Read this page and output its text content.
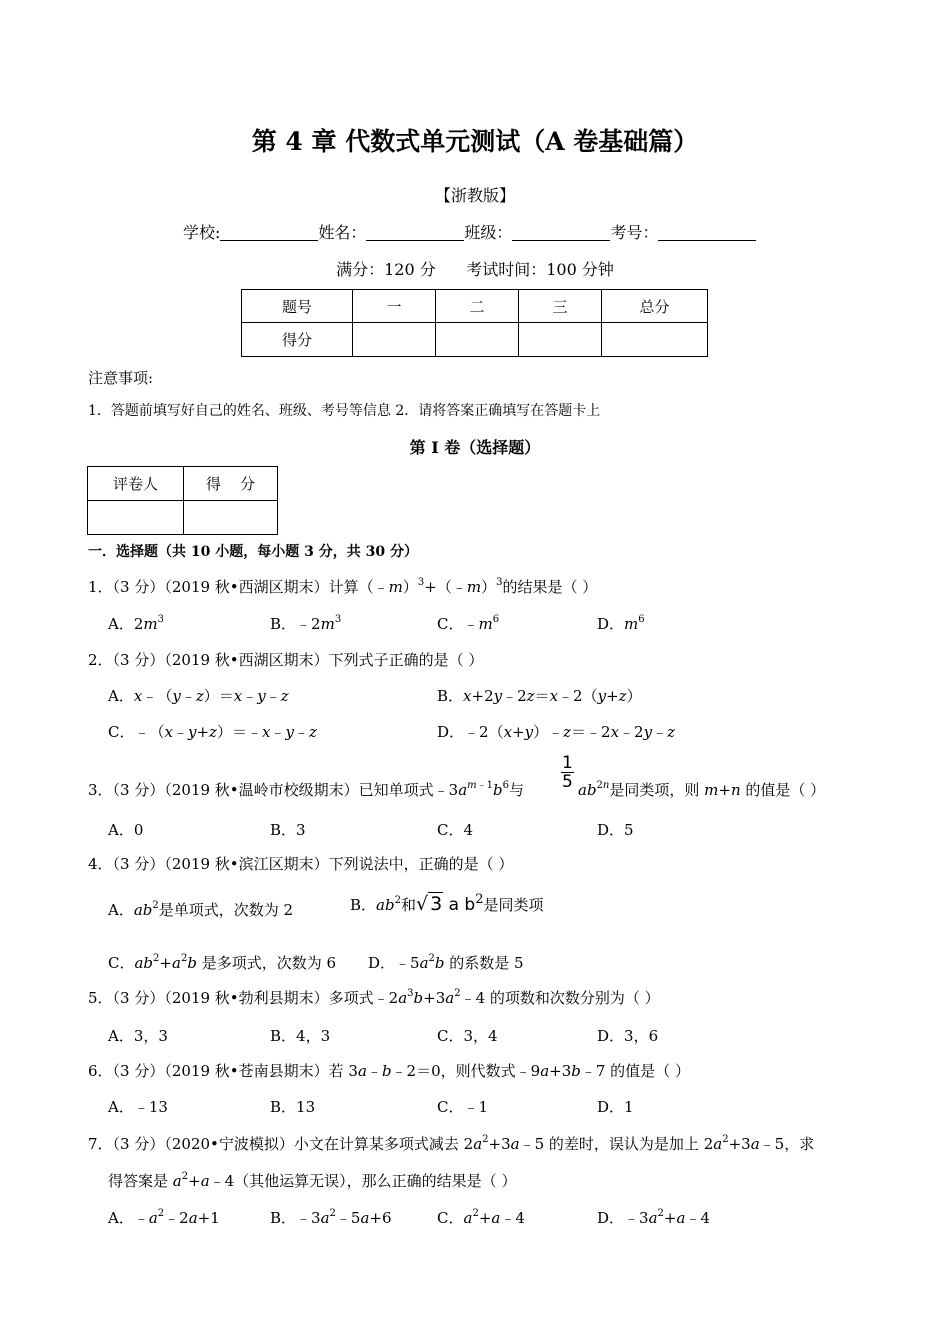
第 4 章 代数式单元测试（A 卷基础篇）
【浙教版】
学校:	姓名：	班级：	考号：
满分：120 分      考试时间：100 分钟
题号	一	二	三	总分
得分				
注意事项:
1．答题前填写好自己的姓名、班级、考号等信息 2．请将答案正确填写在答题卡上
第 I 卷（选择题）
评卷人	得    分

一．选择题（共 10 小题，每小题 3 分，共 30 分）
1．（3 分）（2019 秋•西湖区期末）计算（﹣m）$^3$+（﹣m）$^3$的结果是（ ）
A．$2m^3$	B．$﹣2m^3$	C．$﹣m^6$	D．$m^6$
2．（3 分）（2019 秋•西湖区期末）下列式子正确的是（ ）
A．x﹣（y﹣z）＝x﹣y﹣z	B．x+2y﹣2z＝x﹣2（y+z）
C．﹣（x﹣y+z）＝﹣x﹣y﹣z	D．﹣2（x+y）﹣z＝﹣2x﹣2y﹣z
3．（3 分）（2019 秋•温岭市校级期末）已知单项式$﹣3a^{m﹣1}b^6$与 $\frac{1}{5} ab^{2n}$是同类项，则 m+n 的值是（ ）
A．0	B．3	C．4	D．5
4．（3 分）（2019 秋•滨江区期末）下列说法中，正确的是（ ）
A．$ab^2$是单项式，次数为 2	B．$ab^2$和√ 3 a $b^2$是同类项
C．$ab^2+a^2b$ 是多项式，次数为 6 D．$﹣5a^2b$ 的系数是 5
5．（3 分）（2019 秋•勃利县期末）多项式$﹣2a^3b+3a^2﹣4$ 的项数和次数分别为（ ）
A．3，3	B．4，3	C．3，4	D．3，6
6．（3 分）（2019 秋•苍南县期末）若 3a﹣b﹣2＝0，则代数式﹣9a+3b﹣7 的值是（ ）
A．﹣13	B．13	C．﹣1	D．1
7．（3 分）（2020•宁波模拟）小文在计算某多项式减去 $2a^2+3a﹣5$ 的差时，误认为是加上 $2a^2+3a﹣5$，求
得答案是 $a^2+a﹣4$（其他运算无误），那么正确的结果是（ ）
A．$﹣a^2﹣2a+1$	B．$﹣3a^2﹣5a+6$	C．$a^2+a﹣4$	D．$﹣3a^2+a﹣4$
